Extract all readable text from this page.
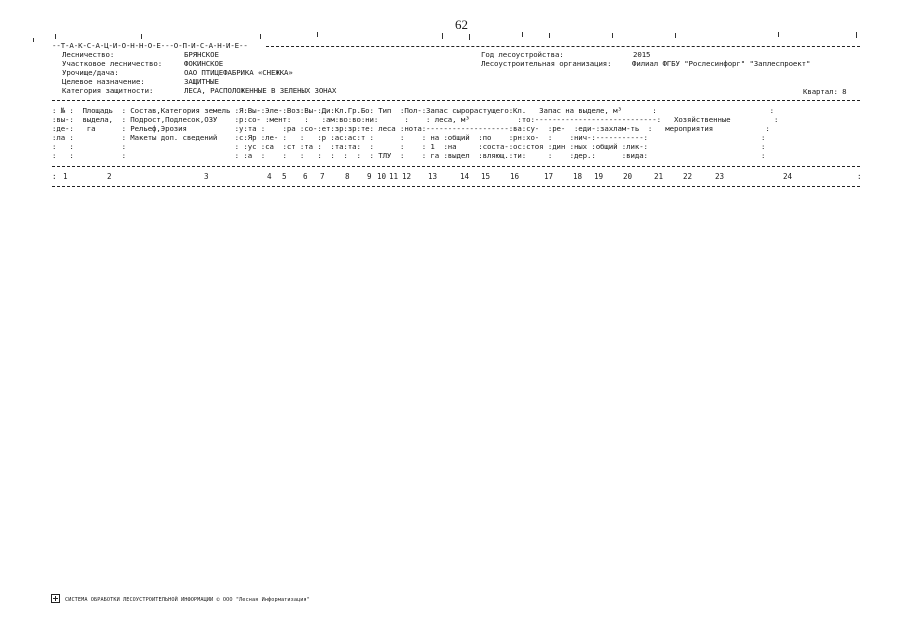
62
--Т-А-К-С-А-Ц-И-О-Н-Н-О-Е---О-П-И-С-А-Н-И-Е--
Лесничество:	БРЯНСКОЕ
Участковое лесничество:	ФОКИНСКОЕ
Урочище/дача:	ОАО ПТИЦЕФАБРИКА «СНЕЖКА»
Целевое назначение:	ЗАЩИТНЫЕ
Категория защитности:	ЛЕСА, РАСПОЛОЖЕННЫЕ В ЗЕЛЕНЫХ ЗОНАХ
Год лесоустройства:	2015
Лесоустроительная организация:	Филиал ФГБУ "Рослесинфорг" "Заплеспроект"
Квартал: 8
: № :  Площадь  : Состав,Категория земель :Я:Вы-:Эле-:Воз:Вы-:Ди:Кл.Гр.Бо: Тип  :Пол-:Запас сырорастущего:Кл.   Запас на выделе, м³       :                          :
:вы-:  выдела,  : Подрост,Подлесок,ОЗУ    :р:со- :мент:   :   :ам:во:во:ни:      :    : леса, м³           :то:----------------------------:   Хозяйственные          :
:де-:   га      : Рельеф,Эрозия           :у:та :    :ра :со-:ет:зр:зр:те: леса :нота:-------------------:ва:су-  :ре-  :еди-:захлам-ть  :   мероприятия            :
:ла :           : Макеты доп. сведений    :с:Яр :ле- :   :   :р :ас:ас:т :      :    : на :общий  :по    :рн:хо-  :    :нич-:-----------:                          :
:   :           :                         : :ус :са  :ст :та :  :та:та:  :      :    : 1  :на     :соста-:ос:стоя :дин :ных :общий :лик-:                          :
:   :           :                         : :а  :    :   :   :  :  :  :  : ТЛУ  :    : га :выдел  :вляющ.:ти:     :    :дер.:      :вида:                          :
1	2	3	4 5 6 7	8 9 10 11 12 13	14 15	16	17	18 19	20	21	22	23	24
:	:
СИСТЕМА ОБРАБОТКИ ЛЕСОУСТРОИТЕЛЬНОЙ ИНФОРМАЦИИ © ООО "Лесная Информатизация"
